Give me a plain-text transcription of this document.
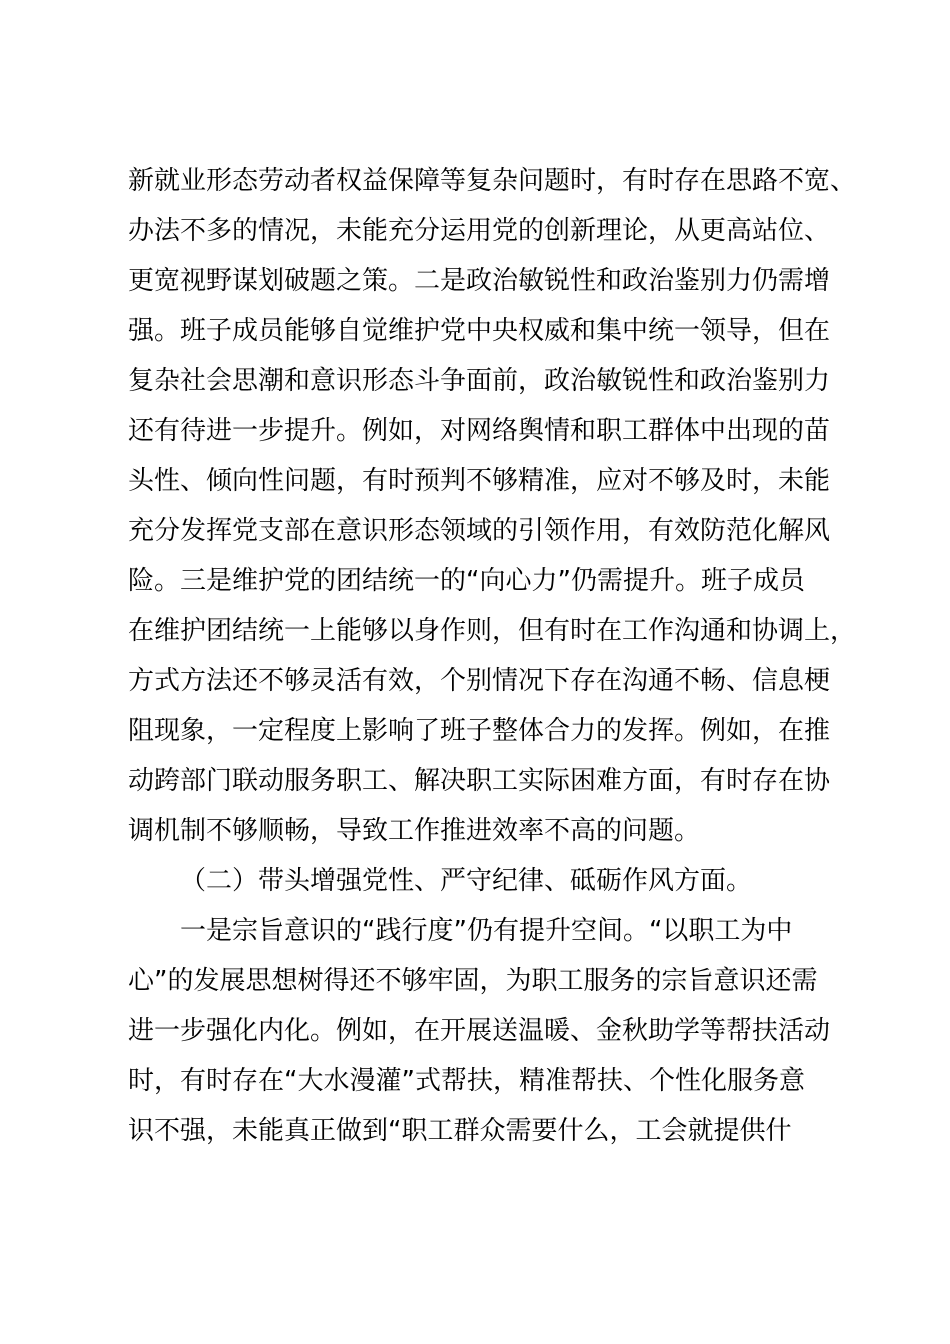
新就业形态劳动者权益保障等复杂问题时，有时存在思路不宽、
办法不多的情况，未能充分运用党的创新理论，从更高站位、
更宽视野谋划破题之策。二是政治敏锐性和政治鉴别力仍需增
强。班子成员能够自觉维护党中央权威和集中统一领导，但在
复杂社会思潮和意识形态斗争面前，政治敏锐性和政治鉴别力
还有待进一步提升。例如，对网络舆情和职工群体中出现的苗
头性、倾向性问题，有时预判不够精准，应对不够及时，未能
充分发挥党支部在意识形态领域的引领作用，有效防范化解风
险。三是维护党的团结统一的“向心力”仍需提升。班子成员
在维护团结统一上能够以身作则，但有时在工作沟通和协调上，
方式方法还不够灵活有效，个别情况下存在沟通不畅、信息梗
阻现象，一定程度上影响了班子整体合力的发挥。例如，在推
动跨部门联动服务职工、解决职工实际困难方面，有时存在协
调机制不够顺畅，导致工作推进效率不高的问题。
（二）带头增强党性、严守纪律、砥砺作风方面。
一是宗旨意识的“践行度”仍有提升空间。“以职工为中
心”的发展思想树得还不够牢固，为职工服务的宗旨意识还需
进一步强化内化。例如，在开展送温暖、金秋助学等帮扶活动
时，有时存在“大水漫灌”式帮扶，精准帮扶、个性化服务意
识不强，未能真正做到“职工群众需要什么，工会就提供什
